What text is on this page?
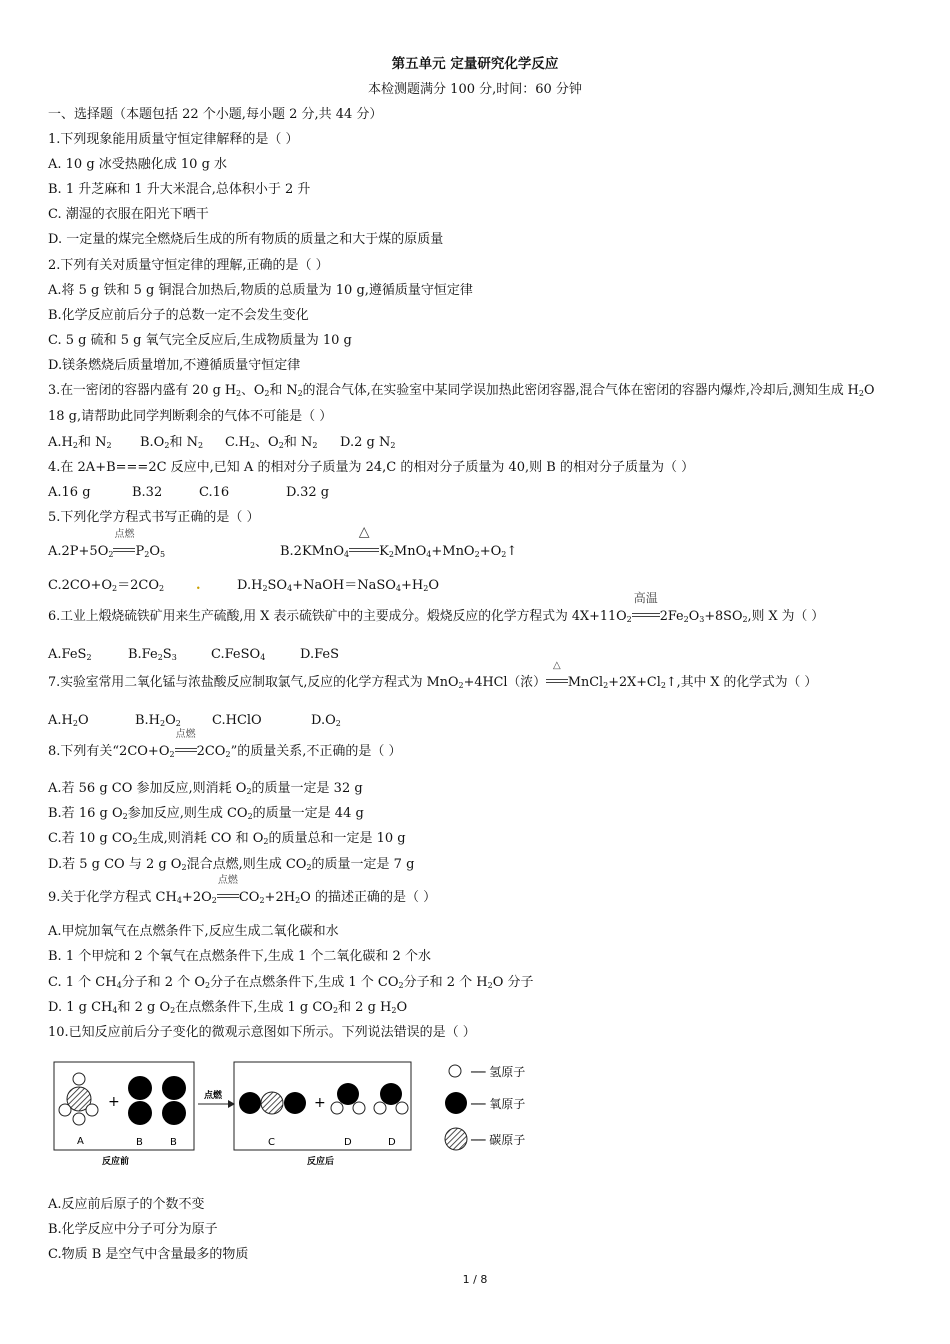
第五单元 定量研究化学反应
本检测题满分 100 分,时间：60 分钟
一、选择题（本题包括 22 个小题,每小题 2 分,共 44 分）
1.下列现象能用质量守恒定律解释的是（ ）
A. 10 g 冰受热融化成 10 g 水
B. 1 升芝麻和 1 升大米混合,总体积小于 2 升
C. 潮湿的衣服在阳光下晒干
D. 一定量的煤完全燃烧后生成的所有物质的质量之和大于煤的原质量
2.下列有关对质量守恒定律的理解,正确的是（ ）
A.将 5 g 铁和 5 g 铜混合加热后,物质的总质量为 10 g,遵循质量守恒定律
B.化学反应前后分子的总数一定不会发生变化
C. 5 g 硫和 5 g 氧气完全反应后,生成物质量为 10 g
D.镁条燃烧后质量增加,不遵循质量守恒定律
3.在一密闭的容器内盛有 20 g $H_2$、$O_2$和 $N_2$的混合气体,在实验室中某同学误加热此密闭容器,混合气体在密闭的容器内爆炸,冷却后,测知生成 $H_2O$
18 g,请帮助此同学判断剩余的气体不可能是（ ）
$A.H_2$和 $N_2$ $B.O_2$和 $N_2$ $C.H_2$、$O_2$和 $N_2$ D.2 g $N_2$
4.在 2A+B===2C 反应中,已知 A 的相对分子质量为 24,C 的相对分子质量为 40,则 B 的相对分子质量为（ ）
A.16 g	B.32	C.16	D.32 g
5.下列化学方程式书写正确的是（ ）
$A.2P+5O_2$
点燃
$P_2O_5$	B.2KMnO$_4$
△
$K_2MnO_4+MnO_2+O_2↑$
$C.2CO+O_2=2CO_2$ .	$D.H_2SO_4+NaOH=NaSO_4+H_2O$
6.工业上煅烧硫铁矿用来生产硫酸,用 X 表示硫铁矿中的主要成分。煅烧反应的化学方程式为 $4X+11O_2$
高温
$2Fe_2O_3+8SO_2$,则 X 为（ ）
A.FeS$_2$	$B.Fe_2S_3$	C.FeSO$_4$	D.FeS
7.实验室常用二氧化锰与浓盐酸反应制取氯气,反应的化学方程式为 MnO$_2$+4HCl（浓）
△
$MnCl_2+2X+Cl_2↑$,其中 X 的化学式为（ ）
$A.H_2O$	$B.H_2O_2$ C.HClO	$D.O_2$
8.下列有关“$2CO+O_2$
点燃
$2CO_2$”的质量关系,不正确的是（ ）
A.若 56 g CO 参加反应,则消耗 $O_2$的质量一定是 32 g
B.若 16 g $O_2$参加反应,则生成 $CO_2$的质量一定是 44 g
C.若 10 g $CO_2$生成,则消耗 CO 和 $O_2$的质量总和一定是 10 g
D.若 5 g CO 与 2 g $O_2$混合点燃,则生成 $CO_2$的质量一定是 7 g
9.关于化学方程式 $CH_4+2O_2$
点燃
$CO_2+2H_2O$ 的描述正确的是（ ）
A.甲烷加氧气在点燃条件下,反应生成二氧化碳和水
B. 1 个甲烷和 2 个氧气在点燃条件下,生成 1 个二氧化碳和 2 个水
C. 1 个 $CH_4$分子和 2 个 $O_2$分子在点燃条件下,生成 1 个 $CO_2$分子和 2 个 $H_2O$ 分子
D. 1 g $CH_4$和 2 g $O_2$在点燃条件下,生成 1 g $CO_2$和 2 g $H_2O$
10.已知反应前后分子变化的微观示意图如下所示。下列说法错误的是（ ）
A
+
B	B
反应前
点燃
C
+
D	D
反应后
── 氢原子
── 氧原子
── 碳原子
A.反应前后原子的个数不变
B.化学反应中分子可分为原子
C.物质 B 是空气中含量最多的物质
1 / 8
